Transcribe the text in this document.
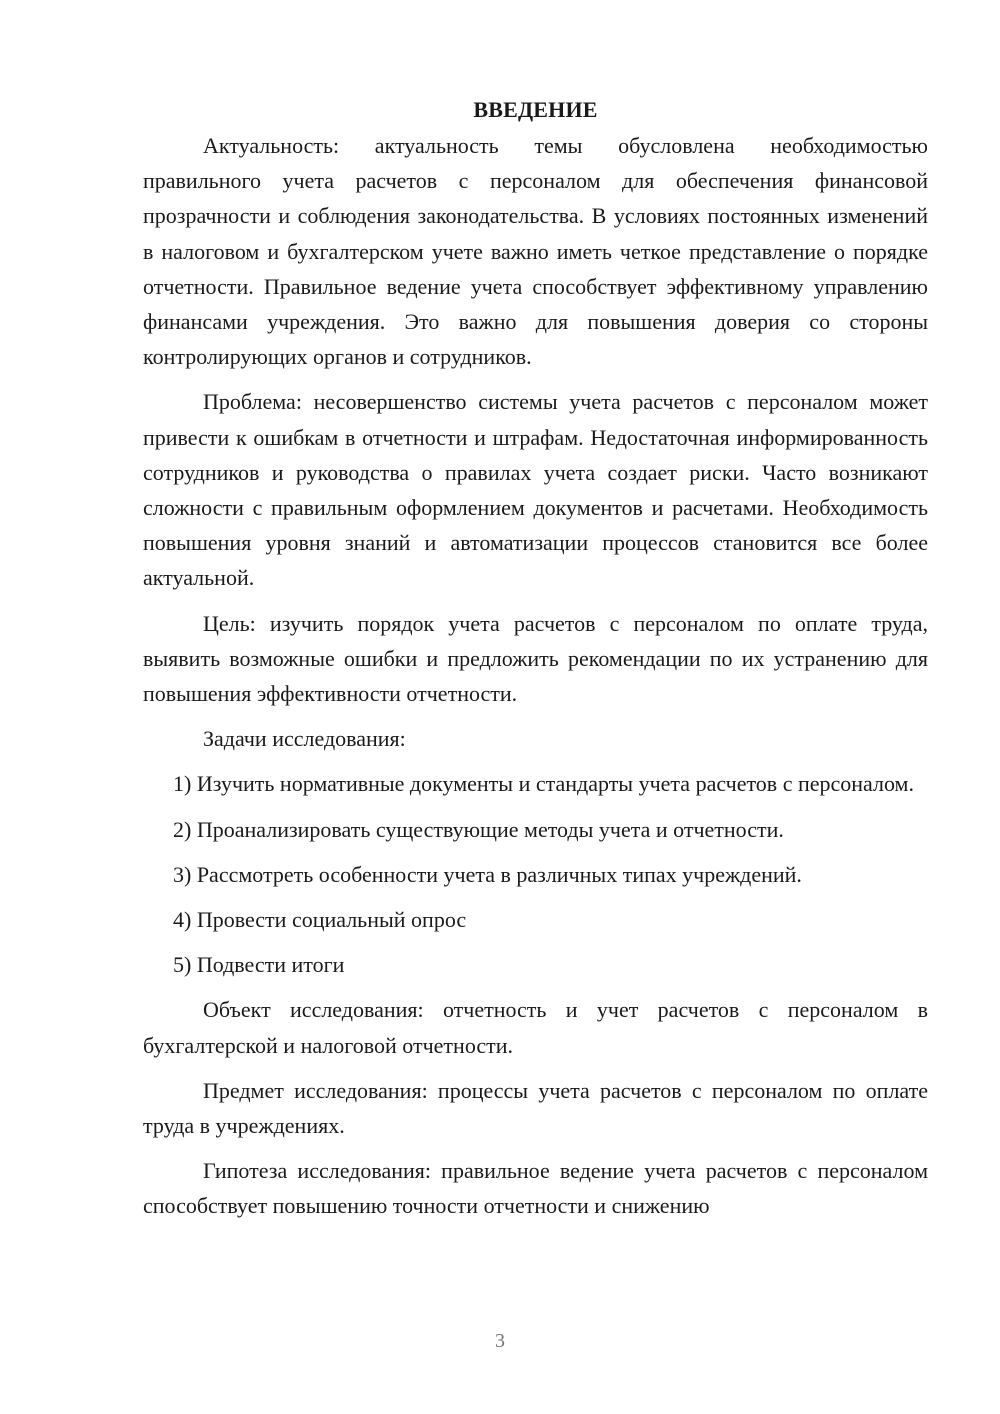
ВВЕДЕНИЕ

Актуальность: актуальность темы обусловлена необходимостью правильного учета расчетов с персоналом для обеспечения финансовой прозрачности и соблюдения законодательства. В условиях постоянных изменений в налоговом и бухгалтерском учете важно иметь четкое представление о порядке отчетности. Правильное ведение учета способствует эффективному управлению финансами учреждения. Это важно для повышения доверия со стороны контролирующих органов и сотрудников.

Проблема: несовершенство системы учета расчетов с персоналом может привести к ошибкам в отчетности и штрафам. Недостаточная информированность сотрудников и руководства о правилах учета создает риски. Часто возникают сложности с правильным оформлением документов и расчетами. Необходимость повышения уровня знаний и автоматизации процессов становится все более актуальной.

Цель: изучить порядок учета расчетов с персоналом по оплате труда, выявить возможные ошибки и предложить рекомендации по их устранению для повышения эффективности отчетности.

Задачи исследования:

1) Изучить нормативные документы и стандарты учета расчетов с персоналом.

2) Проанализировать существующие методы учета и отчетности.

3) Рассмотреть особенности учета в различных типах учреждений.

4) Провести социальный опрос

5) Подвести итоги

Объект исследования: отчетность и учет расчетов с персоналом в бухгалтерской и налоговой отчетности.

Предмет исследования: процессы учета расчетов с персоналом по оплате труда в учреждениях.

Гипотеза исследования: правильное ведение учета расчетов с персоналом способствует повышению точности отчетности и снижению

3
